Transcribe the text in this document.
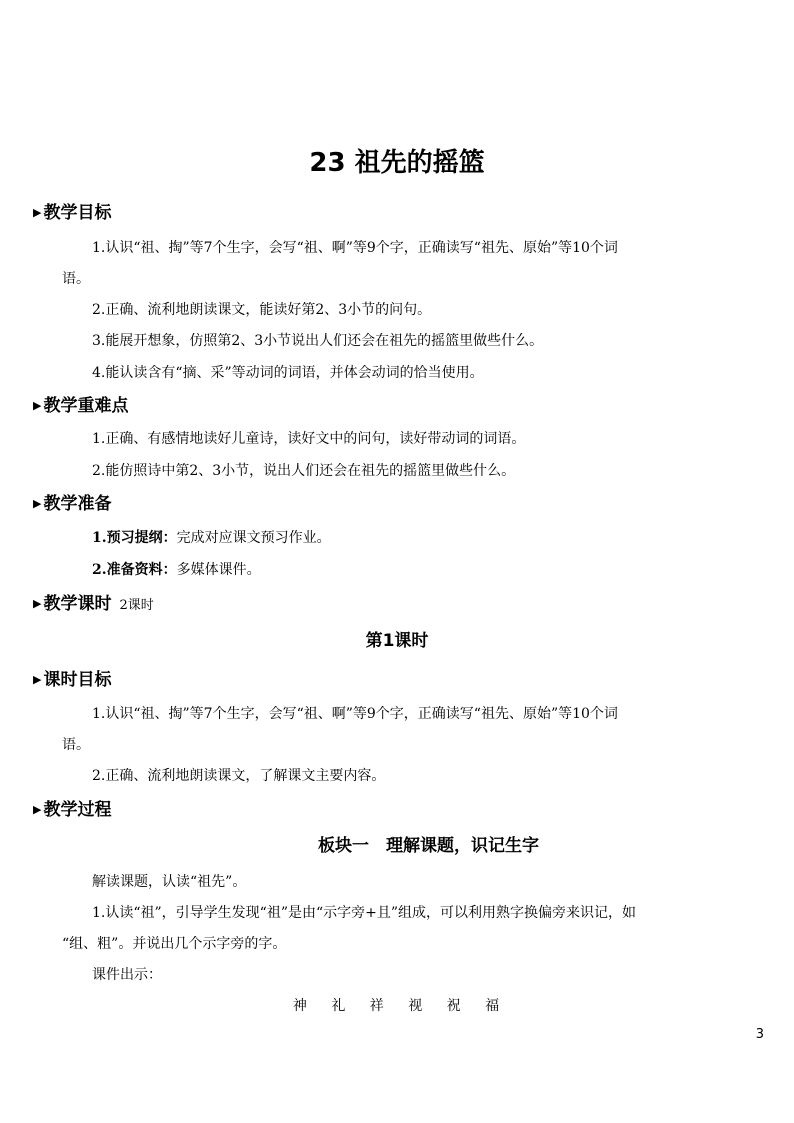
23 祖先的摇篮
▶ 教学目标
1.认识“祖、掏”等7个生字，会写“祖、啊”等9个字，正确读写“祖先、原始”等10个词
语。
2.正确、流利地朗读课文，能读好第2、3小节的问句。
3.能展开想象，仿照第2、3小节说出人们还会在祖先的摇篮里做些什么。
4.能认读含有“摘、采”等动词的词语，并体会动词的恰当使用。
▶ 教学重难点
1.正确、有感情地读好儿童诗，读好文中的问句，读好带动词的词语。
2.能仿照诗中第2、3小节，说出人们还会在祖先的摇篮里做些什么。
▶ 教学准备
1.预习提纲：完成对应课文预习作业。
2.准备资料：多媒体课件。
▶ 教学课时 2课时
第1课时
▶ 课时目标
1.认识“祖、掏”等7个生字，会写“祖、啊”等9个字，正确读写“祖先、原始”等10个词
语。
2.正确、流利地朗读课文，了解课文主要内容。
▶ 教学过程
板块一　理解课题，识记生字
解读课题，认读“祖先”。
1.认读“祖”，引导学生发现“祖”是由“示字旁+且”组成，可以利用熟字换偏旁来识记，如
“组、粗”。并说出几个示字旁的字。
课件出示：
神 礼 祥 视 祝 福
3
